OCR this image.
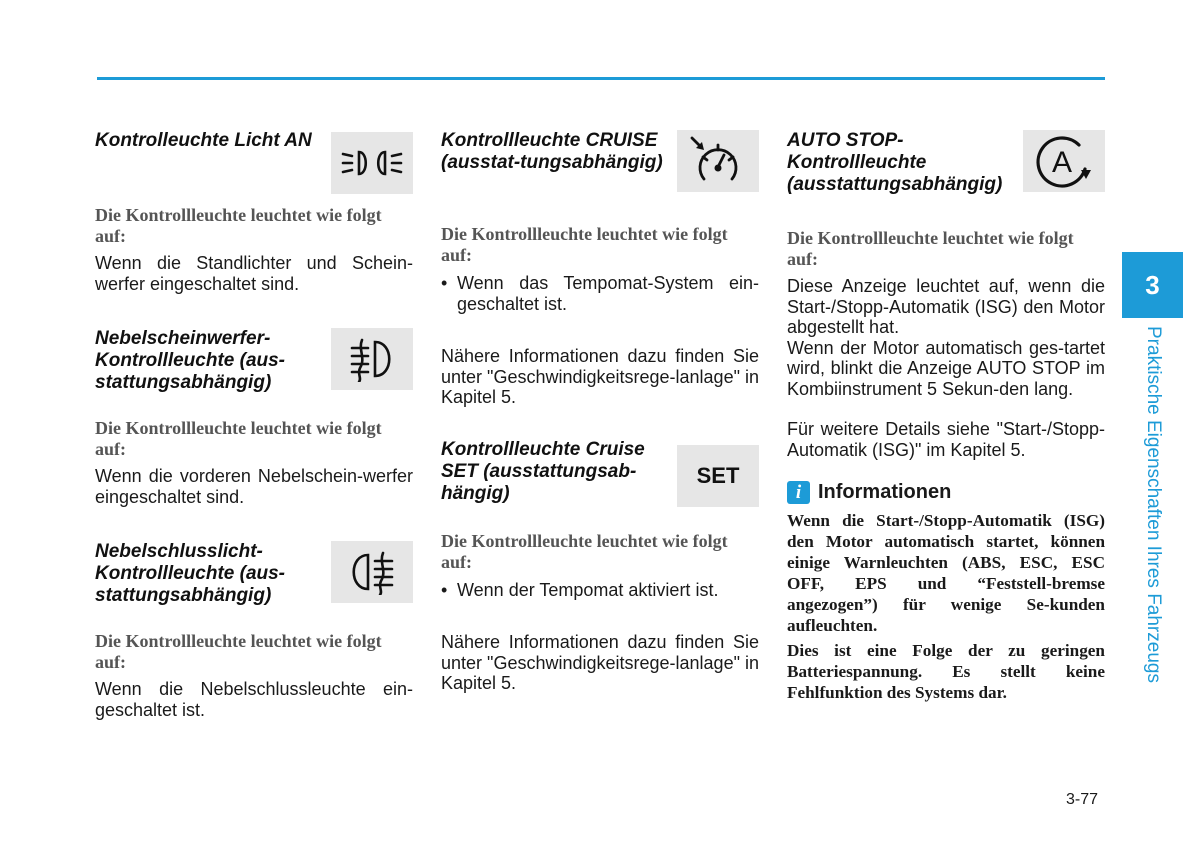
Kontrolleuchte Licht AN

Die Kontrollleuchte leuchtet wie folgt auf:

Wenn die Standlichter und Schein-werfer eingeschaltet sind.

Nebelscheinwerfer-Kontrollleuchte (aus-stattungsabhängig)

Die Kontrollleuchte leuchtet wie folgt auf:

Wenn die vorderen Nebelschein-werfer eingeschaltet sind.

Nebelschlusslicht-Kontrollleuchte (aus-stattungsabhängig)

Die Kontrollleuchte leuchtet wie folgt auf:

Wenn die Nebelschlussleuchte ein-geschaltet ist.

Kontrollleuchte CRUISE (ausstat-tungsabhängig)

Die Kontrollleuchte leuchtet wie folgt auf:

• Wenn das Tempomat-System ein-geschaltet ist.

Nähere Informationen dazu finden Sie unter "Geschwindigkeitsrege-lanlage" in Kapitel 5.

Kontrollleuchte Cruise SET (ausstattungsab-hängig)

SET

Die Kontrollleuchte leuchtet wie folgt auf:

• Wenn der Tempomat aktiviert ist.

Nähere Informationen dazu finden Sie unter "Geschwindigkeitsrege-lanlage" in Kapitel 5.

AUTO STOP-Kontrollleuchte (ausstattungsabhängig)

A

Die Kontrollleuchte leuchtet wie folgt auf:

Diese Anzeige leuchtet auf, wenn die Start-/Stopp-Automatik (ISG) den Motor abgestellt hat.

Wenn der Motor automatisch ges-tartet wird, blinkt die Anzeige AUTO STOP im Kombiinstrument 5 Sekun-den lang.

Für weitere Details siehe "Start-/Stopp-Automatik (ISG)" im Kapitel 5.

i Informationen

Wenn die Start-/Stopp-Automatik (ISG) den Motor automatisch startet, können einige Warnleuchten (ABS, ESC, ESC OFF, EPS und “Feststell-bremse angezogen”) für wenige Se-kunden aufleuchten.

Dies ist eine Folge der zu geringen Batteriespannung. Es stellt keine Fehlfunktion des Systems dar.

3
Praktische Eigenschaften Ihres Fahrzeugs
3-77
